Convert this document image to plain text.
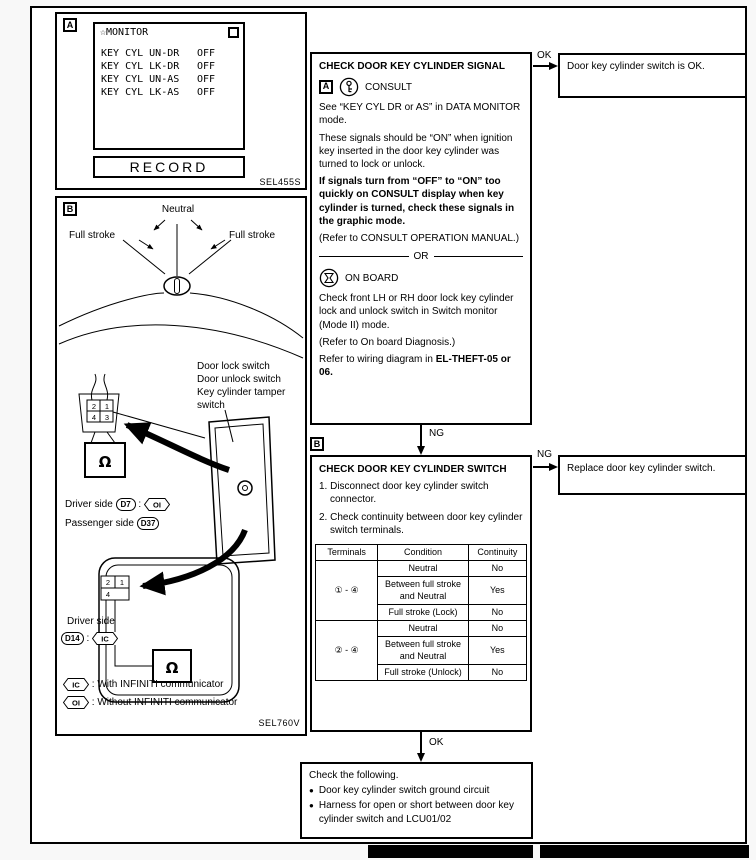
A
☆MONITOR
KEY CYL UN-DR	OFF
KEY CYL LK-DR	OFF
KEY CYL UN-AS	OFF
KEY CYL LK-AS	OFF
RECORD
SEL455S
2 1
4 3
Ω
2 1
4
Ω
B	Neutral
Full stroke	Full stroke
Door lock switch
Door unlock switch
Key cylinder tamper switch
Driver side D7 : OI
Passenger side D37
Driver side
D14 : IC
IC : With INFINITI communicator
OI : Without INFINITI communicator
SEL760V
CHECK DOOR KEY CYLINDER SIGNAL
A	CONSULT

See “KEY CYL DR or AS” in DATA MONITOR mode.

These signals should be “ON” when ignition key inserted in the door key cylinder was turned to lock or unlock.

If signals turn from “OFF” to “ON” too quickly on CONSULT display when key cylinder is turned, check these signals in the graphic mode.

(Refer to CONSULT OPERATION MANUAL.)

OR
ON BOARD

Check front LH or RH door lock key cylinder lock and unlock switch in Switch monitor (Mode II) mode.

(Refer to On board Diagnosis.)

Refer to wiring diagram in EL-THEFT-05 or 06.

OK
Door key cylinder switch is OK.
NG
B
CHECK DOOR KEY CYLINDER SWITCH

1. Disconnect door key cylinder switch connector.

2. Check continuity between door key cylinder switch terminals.

Terminals	Condition	Continuity
① - ④	Neutral	No
	Between full stroke and Neutral	Yes
	Full stroke (Lock)	No
② - ④	Neutral	No
	Between full stroke and Neutral	Yes
	Full stroke (Unlock)	No
NG
Replace door key cylinder switch.
OK
Check the following.
● Door key cylinder switch ground circuit
● Harness for open or short between door key cylinder switch and LCU01/02
